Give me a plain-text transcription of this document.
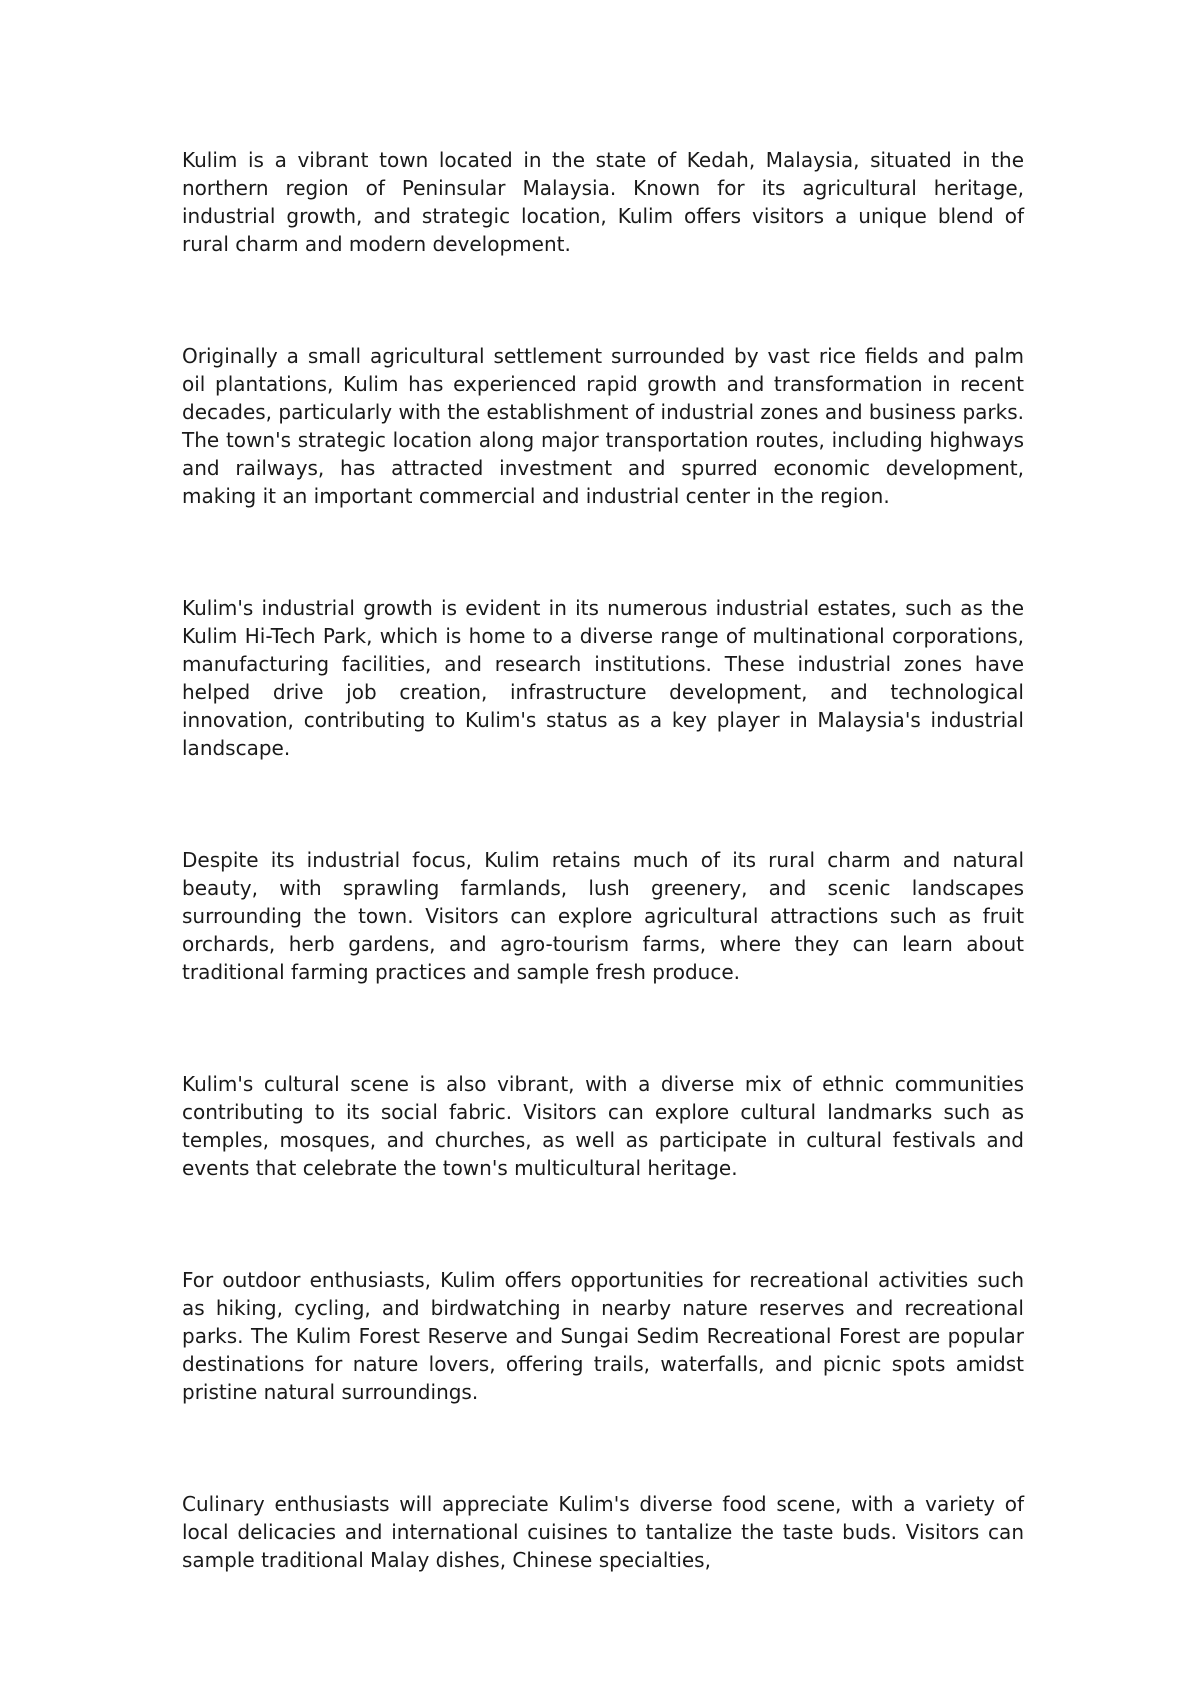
Kulim is a vibrant town located in the state of Kedah, Malaysia, situated in the northern region of Peninsular Malaysia. Known for its agricultural heritage, industrial growth, and strategic location, Kulim offers visitors a unique blend of rural charm and modern development.

Originally a small agricultural settlement surrounded by vast rice fields and palm oil plantations, Kulim has experienced rapid growth and transformation in recent decades, particularly with the establishment of industrial zones and business parks. The town's strategic location along major transportation routes, including highways and railways, has attracted investment and spurred economic development, making it an important commercial and industrial center in the region.

Kulim's industrial growth is evident in its numerous industrial estates, such as the Kulim Hi-Tech Park, which is home to a diverse range of multinational corporations, manufacturing facilities, and research institutions. These industrial zones have helped drive job creation, infrastructure development, and technological innovation, contributing to Kulim's status as a key player in Malaysia's industrial landscape.

Despite its industrial focus, Kulim retains much of its rural charm and natural beauty, with sprawling farmlands, lush greenery, and scenic landscapes surrounding the town. Visitors can explore agricultural attractions such as fruit orchards, herb gardens, and agro-tourism farms, where they can learn about traditional farming practices and sample fresh produce.

Kulim's cultural scene is also vibrant, with a diverse mix of ethnic communities contributing to its social fabric. Visitors can explore cultural landmarks such as temples, mosques, and churches, as well as participate in cultural festivals and events that celebrate the town's multicultural heritage.

For outdoor enthusiasts, Kulim offers opportunities for recreational activities such as hiking, cycling, and birdwatching in nearby nature reserves and recreational parks. The Kulim Forest Reserve and Sungai Sedim Recreational Forest are popular destinations for nature lovers, offering trails, waterfalls, and picnic spots amidst pristine natural surroundings.

Culinary enthusiasts will appreciate Kulim's diverse food scene, with a variety of local delicacies and international cuisines to tantalize the taste buds. Visitors can sample traditional Malay dishes, Chinese specialties,
